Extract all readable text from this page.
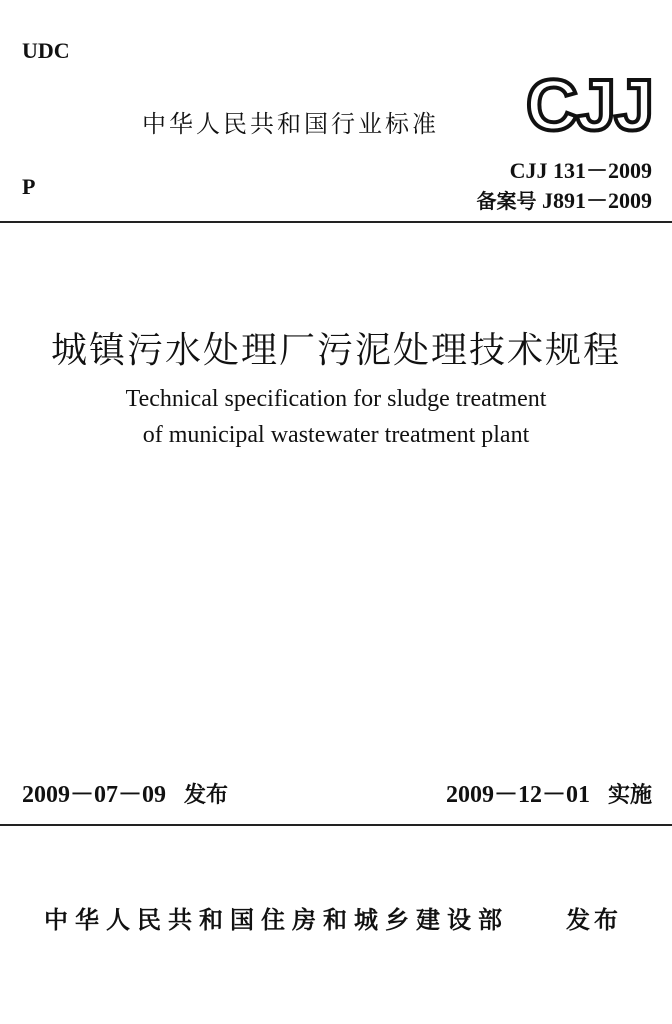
UDC
中华人民共和国行业标准 CJJ
P
CJJ 131－2009
备案号 J891－2009
城镇污水处理厂污泥处理技术规程
Technical specification for sludge treatment
of municipal wastewater treatment plant
2009－07－09 发布	2009－12－01 实施
中华人民共和国住房和城乡建设部 发布
